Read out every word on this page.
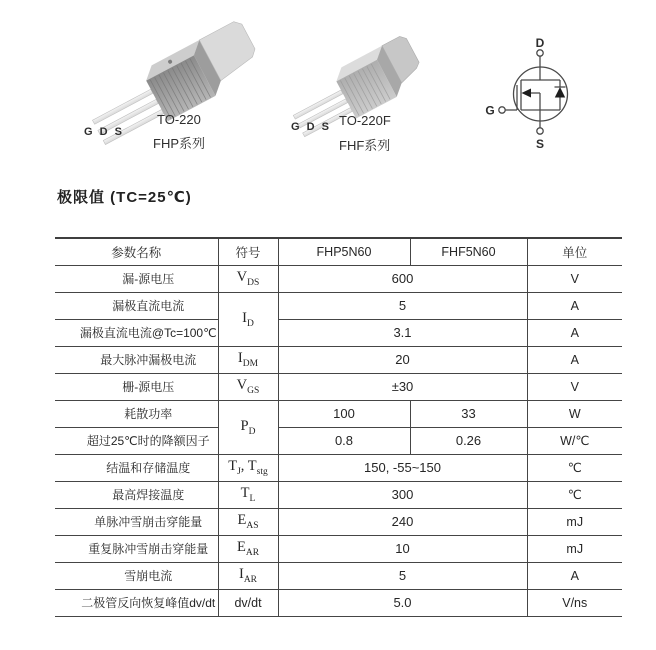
G D S
TO-220
FHP系列
G D S TO-220F
FHF系列
D
G
S
极限值 (TC=25℃)
参数名称	符号	FHP5N60	FHF5N60	单位
漏-源电压	$V_{DS}$	600		V
漏极直流电流	$I_D$	5		A
漏极直流电流@Tc=100℃		3.1		A
最大脉冲漏极电流	$I_{DM}$	20		A
栅-源电压	$V_{GS}$	±30		V
耗散功率	$P_D$	100	33	W
超过25℃时的降额因子		0.8	0.26	W/℃
结温和存储温度	$T_J$, $T_{stg}$	150, -55~150		℃
最高焊接温度	$T_L$	300		℃
单脉冲雪崩击穿能量	$E_{AS}$	240		mJ
重复脉冲雪崩击穿能量	$E_{AR}$	10		mJ
雪崩电流	$I_{AR}$	5		A
二极管反向恢复峰值dv/dt	dv/dt	5.0		V/ns
